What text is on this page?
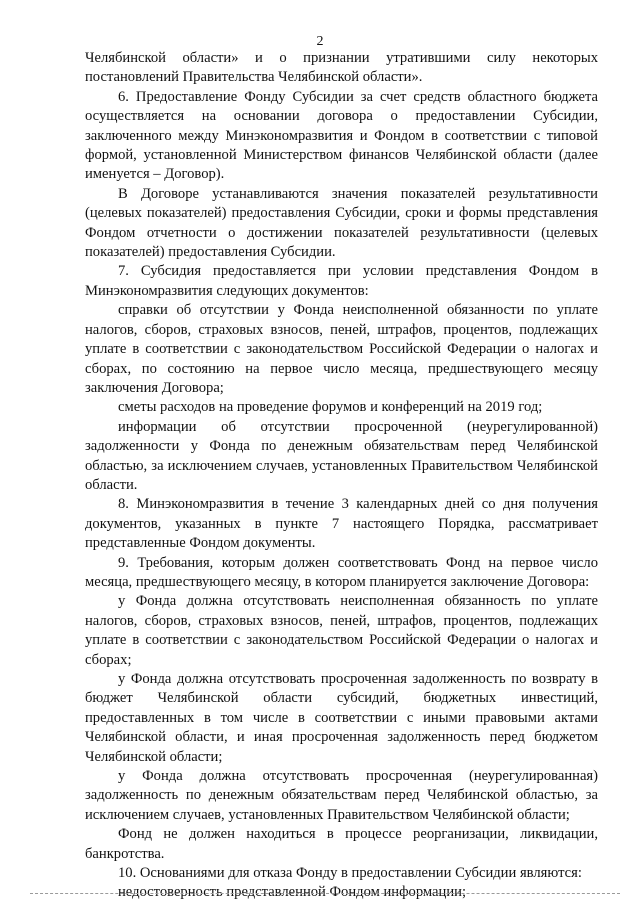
2

Челябинской области» и о признании утратившими силу некоторых постановлений Правительства Челябинской области».

6. Предоставление Фонду Субсидии за счет средств областного бюджета осуществляется на основании договора о предоставлении Субсидии, заключенного между Минэкономразвития и Фондом в соответствии с типовой формой, установленной Министерством финансов Челябинской области (далее именуется – Договор).

В Договоре устанавливаются значения показателей результативности (целевых показателей) предоставления Субсидии, сроки и формы представления Фондом отчетности о достижении показателей результативности (целевых показателей) предоставления Субсидии.

7. Субсидия предоставляется при условии представления Фондом в Минэкономразвития следующих документов:

справки об отсутствии у Фонда неисполненной обязанности по уплате налогов, сборов, страховых взносов, пеней, штрафов, процентов, подлежащих уплате в соответствии с законодательством Российской Федерации о налогах и сборах, по состоянию на первое число месяца, предшествующего месяцу заключения Договора;

сметы расходов на проведение форумов и конференций на 2019 год;

информации об отсутствии просроченной (неурегулированной) задолженности у Фонда по денежным обязательствам перед Челябинской областью, за исключением случаев, установленных Правительством Челябинской области.

8. Минэкономразвития в течение 3 календарных дней со дня получения документов, указанных в пункте 7 настоящего Порядка, рассматривает представленные Фондом документы.

9. Требования, которым должен соответствовать Фонд на первое число месяца, предшествующего месяцу, в котором планируется заключение Договора:

у Фонда должна отсутствовать неисполненная обязанность по уплате налогов, сборов, страховых взносов, пеней, штрафов, процентов, подлежащих уплате в соответствии с законодательством Российской Федерации о налогах и сборах;

у Фонда должна отсутствовать просроченная задолженность по возврату в бюджет Челябинской области субсидий, бюджетных инвестиций, предоставленных в том числе в соответствии с иными правовыми актами Челябинской области, и иная просроченная задолженность перед бюджетом Челябинской области;

у Фонда должна отсутствовать просроченная (неурегулированная) задолженность по денежным обязательствам перед Челябинской областью, за исключением случаев, установленных Правительством Челябинской области;

Фонд не должен находиться в процессе реорганизации, ликвидации, банкротства.

10. Основаниями для отказа Фонду в предоставлении Субсидии являются:

недостоверность представленной Фондом информации;
